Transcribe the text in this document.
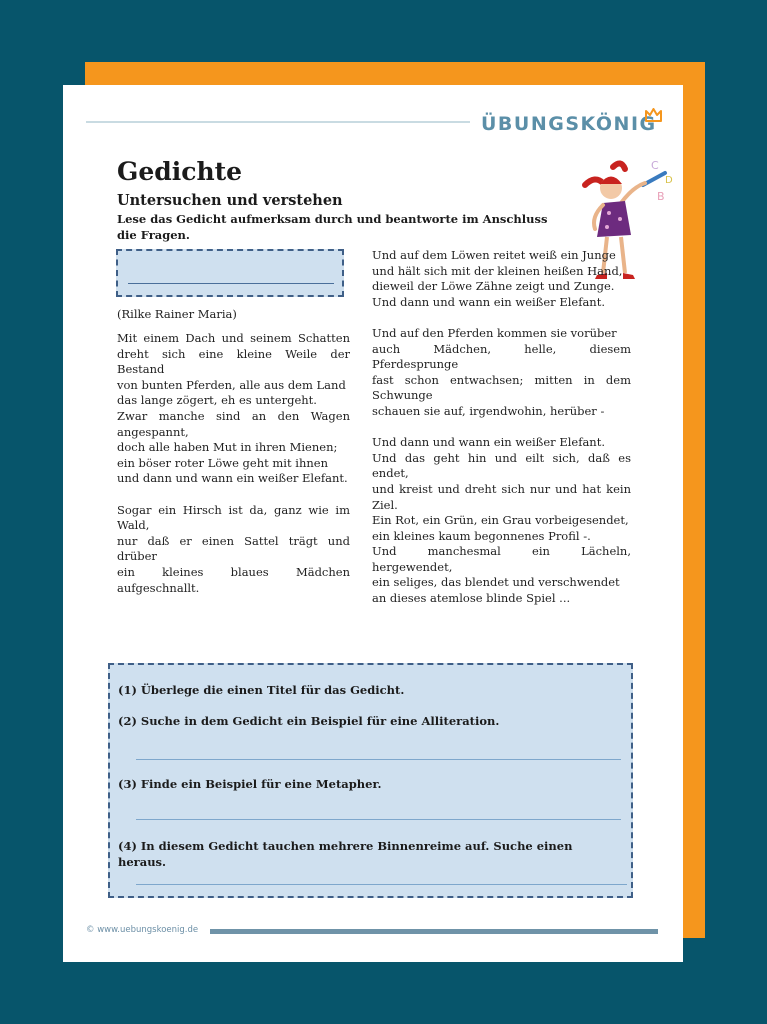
ÜBUNGSKÖNIG
Gedichte
Untersuchen und verstehen

Lese das Gedicht aufmerksam durch und beantworte im Anschluss die Fragen.

C
D
B
(Rilke Rainer Maria)

Mit einem Dach und seinem Schatten dreht sich eine kleine Weile der Bestand

von bunten Pferden, alle aus dem Land

das lange zögert, eh es untergeht.

Zwar manche sind an den Wagen angespannt,

doch alle haben Mut in ihren Mienen;

ein böser roter Löwe geht mit ihnen

und dann und wann ein weißer Elefant.

Sogar ein Hirsch ist da, ganz wie im Wald,

nur daß er einen Sattel trägt und drüber

ein kleines blaues Mädchen aufgeschnallt.

Und auf dem Löwen reitet weiß ein Junge

und hält sich mit der kleinen heißen Hand,

dieweil der Löwe Zähne zeigt und Zunge.

Und dann und wann ein weißer Elefant.

Und auf den Pferden kommen sie vorüber

auch Mädchen, helle, diesem Pferdesprunge

fast schon entwachsen; mitten in dem Schwunge

schauen sie auf, irgendwohin, herüber -

Und dann und wann ein weißer Elefant.

Und das geht hin und eilt sich, daß es endet,

und kreist und dreht sich nur und hat kein Ziel.

Ein Rot, ein Grün, ein Grau vorbeigesendet,

ein kleines kaum begonnenes Profil -.

Und manchesmal ein Lächeln, hergewendet,

ein seliges, das blendet und verschwendet

an dieses atemlose blinde Spiel ...

(1) Überlege die einen Titel für das Gedicht.

(2) Suche in dem Gedicht ein Beispiel für eine Alliteration.

(3) Finde ein Beispiel für eine Metapher.

(4) In diesem Gedicht tauchen mehrere Binnenreime auf. Suche einen heraus.

© www.uebungskoenig.de
